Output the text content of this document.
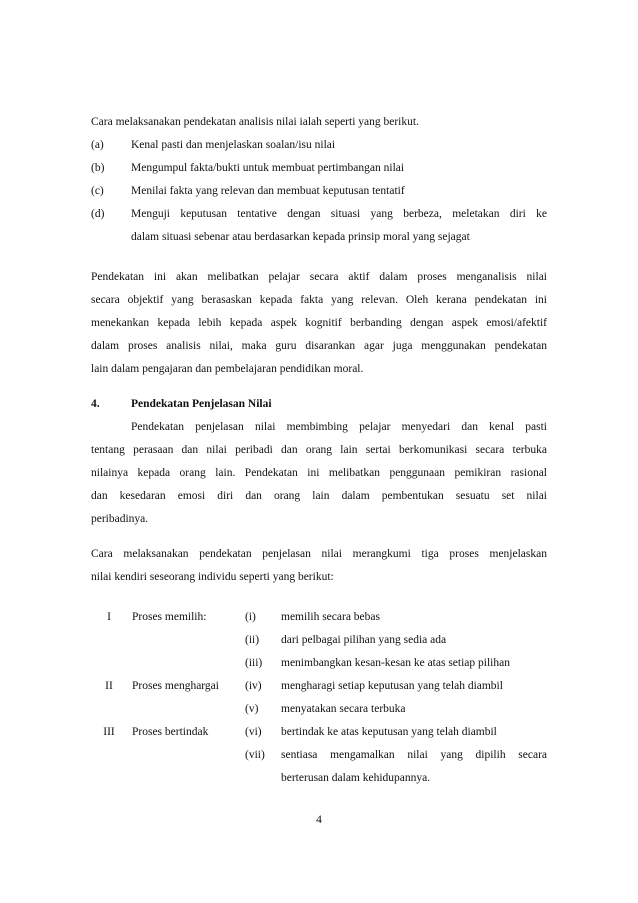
Cara melaksanakan pendekatan analisis nilai ialah seperti yang berikut.
(a) Kenal pasti dan menjelaskan soalan/isu nilai
(b) Mengumpul fakta/bukti untuk membuat pertimbangan nilai
(c) Menilai fakta yang relevan dan membuat keputusan tentatif
(d) Menguji keputusan tentative dengan situasi yang berbeza, meletakan diri ke
dalam situasi sebenar atau berdasarkan kepada prinsip moral yang sejagat
Pendekatan ini akan melibatkan pelajar secara aktif dalam proses menganalisis nilai
secara objektif yang berasaskan kepada fakta yang relevan. Oleh kerana pendekatan ini
menekankan kepada lebih kepada aspek kognitif berbanding dengan aspek emosi/afektif
dalam proses analisis nilai, maka guru disarankan agar juga menggunakan pendekatan
lain dalam pengajaran dan pembelajaran pendidikan moral.
4.	Pendekatan Penjelasan Nilai
Pendekatan penjelasan nilai membimbing pelajar menyedari dan kenal pasti
tentang perasaan dan nilai peribadi dan orang lain sertai berkomunikasi secara terbuka
nilainya kepada orang lain. Pendekatan ini melibatkan penggunaan pemikiran rasional
dan kesedaran emosi diri dan orang lain dalam pembentukan sesuatu set nilai
peribadinya.
Cara melaksanakan pendekatan penjelasan nilai merangkumi tiga proses menjelaskan
nilai kendiri seseorang individu seperti yang berikut:
I	Proses memilih:	(i) memilih secara bebas
(ii) dari pelbagai pilihan yang sedia ada
(iii) menimbangkan kesan-kesan ke atas setiap pilihan
II	Proses menghargai (iv) mengharagi setiap keputusan yang telah diambil
(v) menyatakan secara terbuka
III	Proses bertindak	(vi) bertindak ke atas keputusan yang telah diambil
(vii) sentiasa mengamalkan nilai yang dipilih secara
berterusan dalam kehidupannya.
4
